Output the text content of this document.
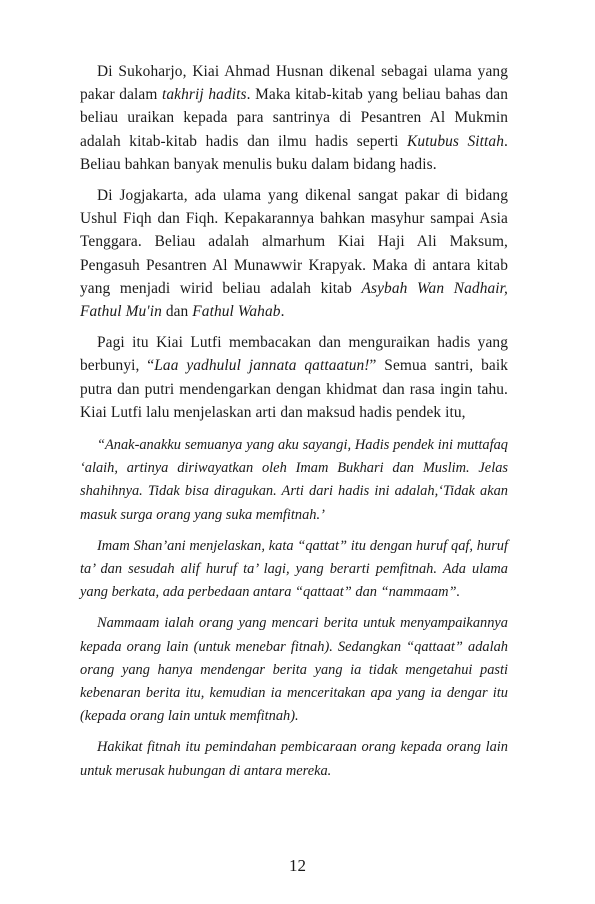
Di Sukoharjo, Kiai Ahmad Husnan dikenal sebagai ulama yang pakar dalam takhrij hadits. Maka kitab-kitab yang beliau bahas dan beliau uraikan kepada para santrinya di Pesantren Al Mukmin adalah kitab-kitab hadis dan ilmu hadis seperti Kutubus Sittah. Beliau bahkan banyak menulis buku dalam bidang hadis.

Di Jogjakarta, ada ulama yang dikenal sangat pakar di bidang Ushul Fiqh dan Fiqh. Kepakarannya bahkan masyhur sampai Asia Tenggara. Beliau adalah almarhum Kiai Haji Ali Maksum, Pengasuh Pesantren Al Munawwir Krapyak. Maka di antara kitab yang menjadi wirid beliau adalah kitab Asybah Wan Nadhair, Fathul Mu'in dan Fathul Wahab.

Pagi itu Kiai Lutfi membacakan dan menguraikan hadis yang berbunyi, “Laa yadhulul jannata qattaatun!” Semua santri, baik putra dan putri mendengarkan dengan khidmat dan rasa ingin tahu. Kiai Lutfi lalu menjelaskan arti dan maksud hadis pendek itu,

“Anak-anakku semuanya yang aku sayangi, Hadis pendek ini muttafaq ‘alaih, artinya diriwayatkan oleh Imam Bukhari dan Muslim. Jelas shahihnya. Tidak bisa diragukan. Arti dari hadis ini adalah,‘Tidak akan masuk surga orang yang suka memfitnah.’

Imam Shan’ani menjelaskan, kata “qattat” itu dengan huruf qaf, huruf ta’ dan sesudah alif huruf ta’ lagi, yang berarti pemfitnah. Ada ulama yang berkata, ada perbedaan antara “qattaat” dan “nammaam”.

Nammaam ialah orang yang mencari berita untuk menyampaikannya kepada orang lain (untuk menebar fitnah). Sedangkan “qattaat” adalah orang yang hanya mendengar berita yang ia tidak mengetahui pasti kebenaran berita itu, kemudian ia menceritakan apa yang ia dengar itu (kepada orang lain untuk memfitnah).

Hakikat fitnah itu pemindahan pembicaraan orang kepada orang lain untuk merusak hubungan di antara mereka.

12
